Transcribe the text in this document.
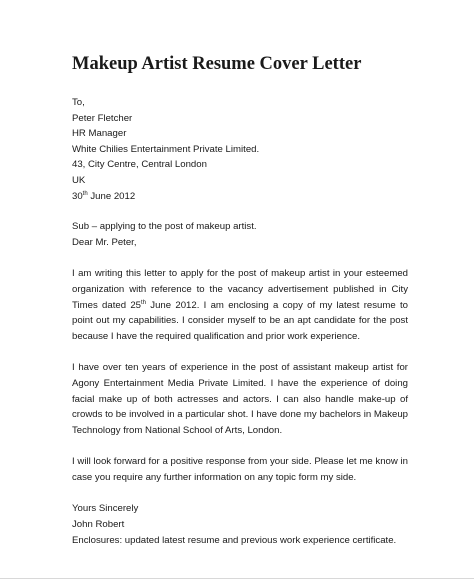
Makeup Artist Resume Cover Letter
To,
Peter Fletcher
HR Manager
White Chilies Entertainment Private Limited.
43, City Centre, Central London
UK
30th June 2012
Sub – applying to the post of makeup artist.
Dear Mr. Peter,

I am writing this letter to apply for the post of makeup artist in your esteemed organization with reference to the vacancy advertisement published in City Times dated 25th June 2012. I am enclosing a copy of my latest resume to point out my capabilities. I consider myself to be an apt candidate for the post because I have the required qualification and prior work experience.

I have over ten years of experience in the post of assistant makeup artist for Agony Entertainment Media Private Limited. I have the experience of doing facial make up of both actresses and actors. I can also handle make-up of crowds to be involved in a particular shot. I have done my bachelors in Makeup Technology from National School of Arts, London.

I will look forward for a positive response from your side. Please let me know in case you require any further information on any topic form my side.

Yours Sincerely
John Robert
Enclosures: updated latest resume and previous work experience certificate.
